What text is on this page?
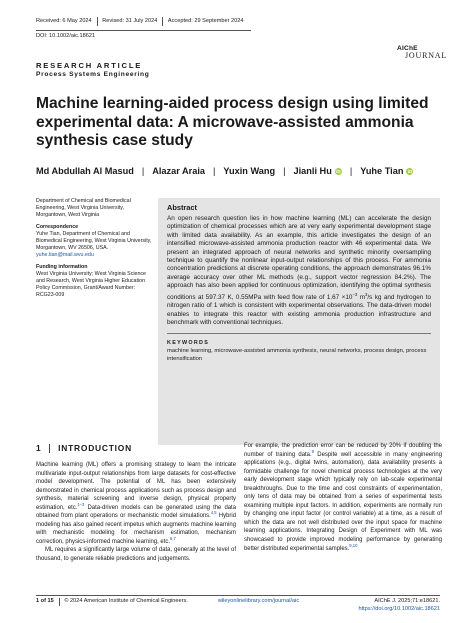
Received: 6 May 2024	Revised: 31 July 2024	Accepted: 29 September 2024
DOI: 10.1002/aic.18621
AIChE
JOURNAL
RESEARCH ARTICLE
Process Systems Engineering
Machine learning-aided process design using limited experimental data: A microwave-assisted ammonia synthesis case study
Md Abdullah Al Masud | Alazar Araia | Yuxin Wang | Jianli Hu iD	| Yuhe Tian iD
Department of Chemical and Biomedical Engineering, West Virginia University, Morgantown, West Virginia
Correspondence
Yuhe Tian, Department of Chemical and Biomedical Engineering, West Virginia University, Morgantown, WV 26506, USA.
yuhe.tian@mail.wvu.edu
Funding information
West Virginia University; West Virginia Science and Research, West Virginia Higher Education Policy Commission, Grant/Award Number: RCG23-009
Abstract
An open research question lies in how machine learning (ML) can accelerate the design optimization of chemical processes which are at very early experimental development stage with limited data availability. As an example, this article investigates the design of an intensified microwave-assisted ammonia production reactor with 46 experimental data. We present an integrated approach of neural networks and synthetic minority oversampling technique to quantify the nonlinear input-output relationships of this process. For ammonia concentration predictions at discrete operating conditions, the approach demonstrates 96.1% average accuracy over other ML methods (e.g., support vector regression 84.2%). The approach has also been applied for continuous optimization, identifying the optimal synthesis conditions at 597.37 K, 0.55MPa with feed flow rate of $1.67 \times 10^{-3}$ $m^3/s$ kg and hydrogen to nitrogen ratio of 1 which is consistent with experimental observations. The data-driven model enables to integrate this reactor with existing ammonia production infrastructure and benchmark with conventional techniques.
KEYWORDS
machine learning, microwave-assisted ammonia synthesis, neural networks, process design, process intensification
1 INTRODUCTION

Machine learning (ML) offers a promising strategy to learn the intricate multivariate input-output relationships from large datasets for cost-effective model development. The potential of ML has been extensively demonstrated in chemical process applications such as process design and synthesis, material screening and inverse design, physical property estimation, etc.$^{1-3}$ Data-driven models can be generated using the data obtained from plant operations or mechanistic model simulations.$^{4,5}$ Hybrid modeling has also gained recent impetus which augments machine learning with mechanistic modeling for mechanism estimation, mechanism correction, physics-informed machine learning, etc.$^{6,7}$

ML requires a significantly large volume of data, generally at the level of thousand, to generate reliable predictions and judgements.

For example, the prediction error can be reduced by 20% if doubling the number of training data.$^8$ Despite well accessible in many engineering applications (e.g., digital twins, automation), data availability presents a formidable challenge for novel chemical process technologies at the very early development stage which typically rely on lab-scale experimental breakthroughs. Due to the time and cost constraints of experimentation, only tens of data may be obtained from a series of experimental tests examining multiple input factors. In addition, experiments are normally run by changing one input factor (or control variable) at a time, as a result of which the data are not well distributed over the input space for machine learning applications. Integrating Design of Experiment with ML was showcased to provide improved modeling performance by generating better distributed experimental samples.$^{9,10}$

1 of 15 © 2024 American Institute of Chemical Engineers.	wileyonlinelibrary.com/journal/aic	AIChE J. 2025;71:e18621.
https://doi.org/10.1002/aic.18621
